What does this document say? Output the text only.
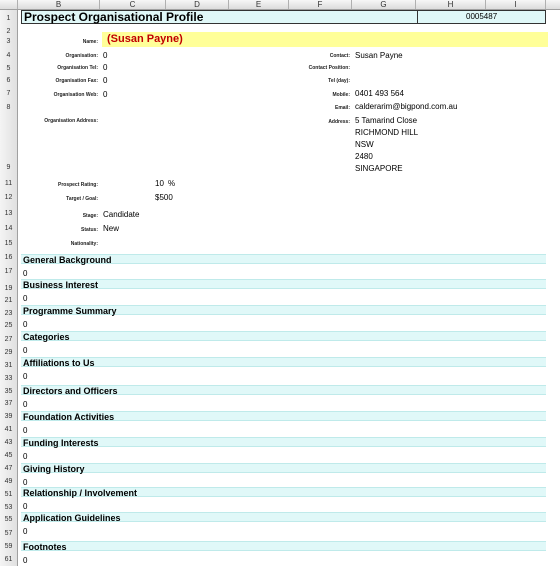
B	C	D	E	F	G	H	I
1
2
3
4
5
6
7
8
9
11
12
13
14
15
16
17
19
21
23
25
27
29
31
33
35
37
39
41
43
45
47
49
51
53
55
57
59
61
Prospect Organisational Profile	0005487
Name: (Susan Payne)
Organisation: 0
Organisation Tel: 0
Organisation Fax: 0
Organisation Web: 0
Organisation Address:
Contact: Susan Payne
Contact Position:
Tel (day):
Mobile: 0401 493 564
Email: calderarim@bigpond.com.au
Address: 5 Tamarind Close
RICHMOND HILL
NSW
2480
SINGAPORE
Prospect Rating:	10 %
Target / Goal:	$500
Stage: Candidate
Status: New
Nationality:
General Background
0
Business Interest
0
Programme Summary
0
Categories
0
Affiliations to Us
0
Directors and Officers
0
Foundation Activities
0
Funding Interests
0
Giving History
0
Relationship / Involvement
0
Application Guidelines
0
Footnotes
0
